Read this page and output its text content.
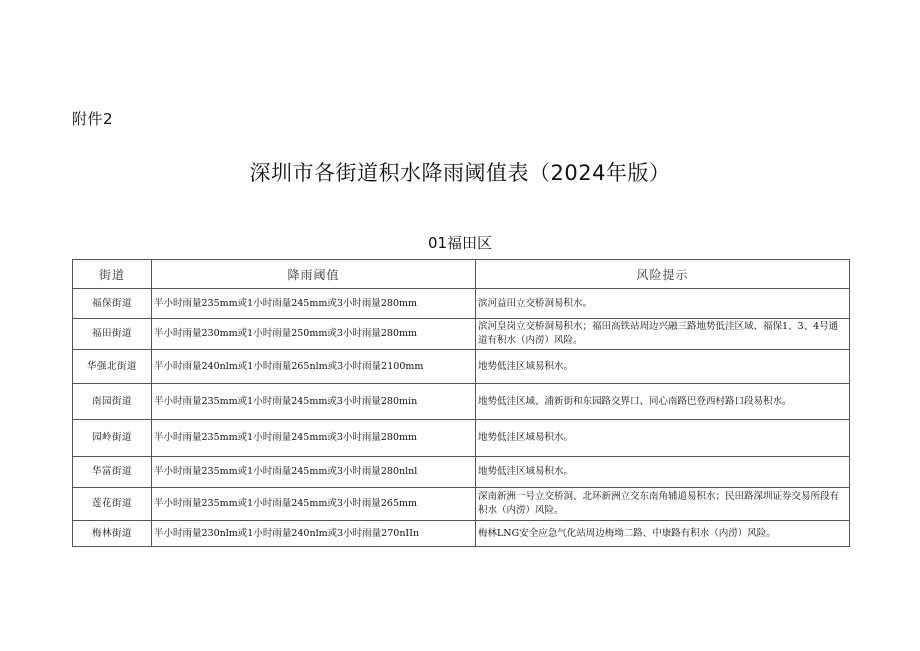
附件2
深圳市各街道积水降雨阈值表（2024年版）
01福田区
街道	降雨阈值	风险提示
福保街道	半小时雨量235mm或1小时雨量245mm或3小时雨量280mm	滨河益田立交桥洞易积水。
福田街道	半小时雨量230mm或1小时雨量250mm或3小时雨量280mm	滨河皇岗立交桥洞易积水；福田高铁站周边兴融三路地势低洼区域、福保1、3、4号通道有积水（内涝）风险。
华强北街道	半小时雨量240nlm或1小时雨量265nlm或3小时雨量2100mm	地势低洼区域易积水。
南园街道	半小时雨量235mm或1小时雨量245mm或3小时雨量280min	地势低洼区域、浦新街和东园路交界口、同心南路巴登西村路口段易积水。
园岭街道	半小时雨量235mm或1小时雨量245mm或3小时雨量280mm	地势低洼区域易积水。
华富街道	半小时雨量235mm或1小时雨量245mm或3小时雨量280nlnl	地势低洼区域易积水。
莲花街道	半小时雨量235mm或1小时雨量245mm或3小时雨量265mm	深南新洲一号立交桥洞、北环新洲立交东南角辅道易积水；民田路深圳证券交易所段有积水（内涝）风险。
梅林街道	半小时雨量230nlm或1小时雨量240nlm或3小时雨量270nIIn	梅林LNG安全应急气化站周边梅坳二路、中康路有积水（内涝）风险。
